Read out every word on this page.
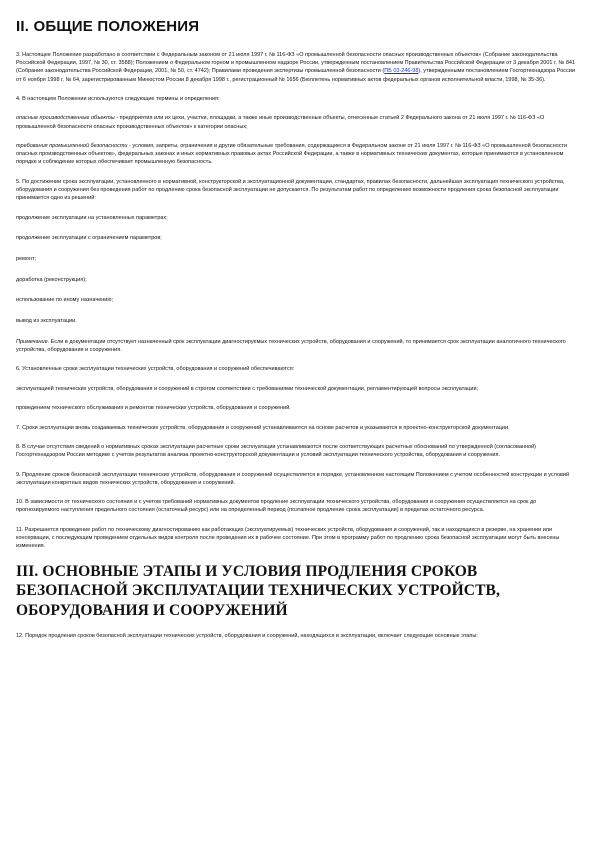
II. ОБЩИЕ ПОЛОЖЕНИЯ

3. Настоящее Положение разработано в соответствии с Федеральным законом от 21 июля 1997 г. № 116-ФЗ «О промышленной безопасности опасных производственных объектов» (Собрание законодательства Российской Федерации, 1997, № 30, ст. 3588); Положением о Федеральном горном и промышленном надзоре России, утвержденным постановлением Правительства Российской Федерации от 3 декабря 2001 г. № 841 (Собрание законодательства Российской Федерации, 2001, № 50, ст. 4742); Правилами проведения экспертизы промышленной безопасности (ПБ 03-246-98), утвержденными постановлением Госгортехнадзора России от 6 ноября 1998 г. № 64, зарегистрированным Минюстом России 8 декабря 1998 г., регистрационный № 1656 (Бюллетень нормативных актов федеральных органов исполнительной власти, 1998, № 35-36).

4. В настоящем Положении используются следующие термины и определения:

опасные производственные объекты - предприятия или их цехи, участки, площадки, а также иные производственные объекты, отнесенные статьей 2 Федерального закона от 21 июля 1997 г. № 116-ФЗ «О промышленной безопасности опасных производственных объектов» к категории опасных;

требования промышленной безопасности - условия, запреты, ограничения и другие обязательные требования, содержащиеся в Федеральном законе от 21 июля 1997 г. № 116-ФЗ «О промышленной безопасности опасных производственных объектов», федеральных законах и иных нормативных правовых актах Российской Федерации, а также в нормативных технических документах, которые принимаются в установленном порядке и соблюдение которых обеспечивает промышленную безопасность.

5. По достижении срока эксплуатации, установленного в нормативной, конструкторской и эксплуатационной документации, стандартах, правилах безопасности, дальнейшая эксплуатация технического устройства, оборудования и сооружения без проведения работ по продлению срока безопасной эксплуатации не допускается. По результатам работ по определению возможности продления срока безопасной эксплуатации принимается одно из решений:

продолжение эксплуатации на установленных параметрах;

продолжение эксплуатации с ограничением параметров;

ремонт;

доработка (реконструкция);

использование по иному назначению;

вывод из эксплуатации.

Примечание. Если в документации отсутствует назначенный срок эксплуатации диагностируемых технических устройств, оборудования и сооружений, то принимается срок эксплуатации аналогичного технического устройства, оборудования и сооружения.

6. Установленные сроки эксплуатации технических устройств, оборудования и сооружений обеспечиваются:

эксплуатацией технических устройств, оборудования и сооружений в строгом соответствии с требованиями технической документации, регламентирующей вопросы эксплуатации;

проведением технического обслуживания и ремонтов технических устройств, оборудования и сооружений.

7. Сроки эксплуатации вновь создаваемых технических устройств, оборудования и сооружений устанавливаются на основе расчетов и указываются в проектно-конструкторской документации.

8. В случае отсутствия сведений о нормативных сроках эксплуатации расчетные сроки эксплуатации устанавливаются после соответствующих расчетных обоснований по утвержденной (согласованной) Госгортехнадзором России методике с учетом результатов анализа проектно-конструкторской документации и условий эксплуатации технического устройства, оборудования и сооружения.

9. Продление сроков безопасной эксплуатации технических устройств, оборудования и сооружений осуществляется в порядке, установленном настоящим Положением с учетом особенностей конструкции и условий эксплуатации конкретных видов технических устройств, оборудования и сооружений.

10. В зависимости от технического состояния и с учетом требований нормативных документов продление эксплуатации технического устройства, оборудования и сооружения осуществляется на срок до прогнозируемого наступления предельного состояния (остаточный ресурс) или на определенный период (поэтапное продление срока эксплуатации) в пределах остаточного ресурса.

11. Разрешается проведение работ по техническому диагностированию как работающих (эксплуатируемых) технических устройств, оборудования и сооружений, так и находящихся в резерве, на хранении или консервации, с последующим проведением отдельных видов контроля после проведения их в рабочее состояние. При этом в программу работ по продлению срока безопасной эксплуатации могут быть внесены изменения.

III. ОСНОВНЫЕ ЭТАПЫ И УСЛОВИЯ ПРОДЛЕНИЯ СРОКОВ БЕЗОПАСНОЙ ЭКСПЛУАТАЦИИ ТЕХНИЧЕСКИХ УСТРОЙСТВ, ОБОРУДОВАНИЯ И СООРУЖЕНИЙ

12. Порядок продления сроков безопасной эксплуатации технических устройств, оборудования и сооружений, находящихся в эксплуатации, включает следующие основные этапы:
